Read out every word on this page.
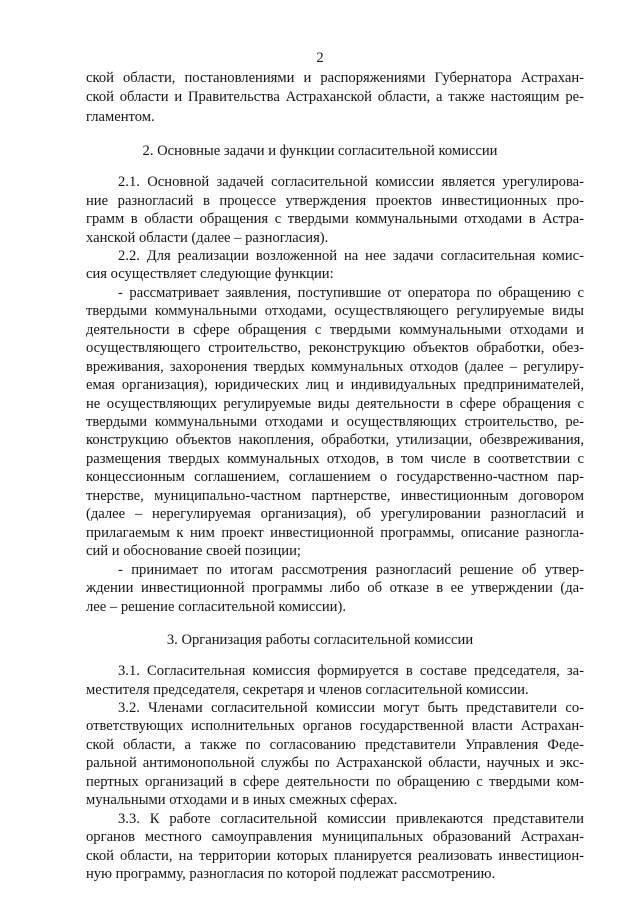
2
ской области, постановлениями и распоряжениями Губернатора Астрахан-
ской области и Правительства Астраханской области, а также настоящим ре-
гламентом.
2. Основные задачи и функции согласительной комиссии
2.1. Основной задачей согласительной комиссии является урегулирова-
ние разногласий в процессе утверждения проектов инвестиционных про-
грамм в области обращения с твердыми коммунальными отходами в Астра-
ханской области (далее – разногласия).
2.2. Для реализации возложенной на нее задачи согласительная комис-
сия осуществляет следующие функции:
- рассматривает заявления, поступившие от оператора по обращению с
твердыми коммунальными отходами, осуществляющего регулируемые виды
деятельности в сфере обращения с твердыми коммунальными отходами и
осуществляющего строительство, реконструкцию объектов обработки, обез-
вреживания, захоронения твердых коммунальных отходов (далее – регулиру-
емая организация), юридических лиц и индивидуальных предпринимателей,
не осуществляющих регулируемые виды деятельности в сфере обращения с
твердыми коммунальными отходами и осуществляющих строительство, ре-
конструкцию объектов накопления, обработки, утилизации, обезвреживания,
размещения твердых коммунальных отходов, в том числе в соответствии с
концессионным соглашением, соглашением о государственно-частном пар-
тнерстве, муниципально-частном партнерстве, инвестиционным договором
(далее – нерегулируемая организация), об урегулировании разногласий и
прилагаемым к ним проект инвестиционной программы, описание разногла-
сий и обоснование своей позиции;
- принимает по итогам рассмотрения разногласий решение об утвер-
ждении инвестиционной программы либо об отказе в ее утверждении (да-
лее – решение согласительной комиссии).
3. Организация работы согласительной комиссии
3.1. Согласительная комиссия формируется в составе председателя, за-
местителя председателя, секретаря и членов согласительной комиссии.
3.2. Членами согласительной комиссии могут быть представители со-
ответствующих исполнительных органов государственной власти Астрахан-
ской области, а также по согласованию представители Управления Феде-
ральной антимонопольной службы по Астраханской области, научных и экс-
пертных организаций в сфере деятельности по обращению с твердыми ком-
мунальными отходами и в иных смежных сферах.
3.3. К работе согласительной комиссии привлекаются представители
органов местного самоуправления муниципальных образований Астрахан-
ской области, на территории которых планируется реализовать инвестицион-
ную программу, разногласия по которой подлежат рассмотрению.
